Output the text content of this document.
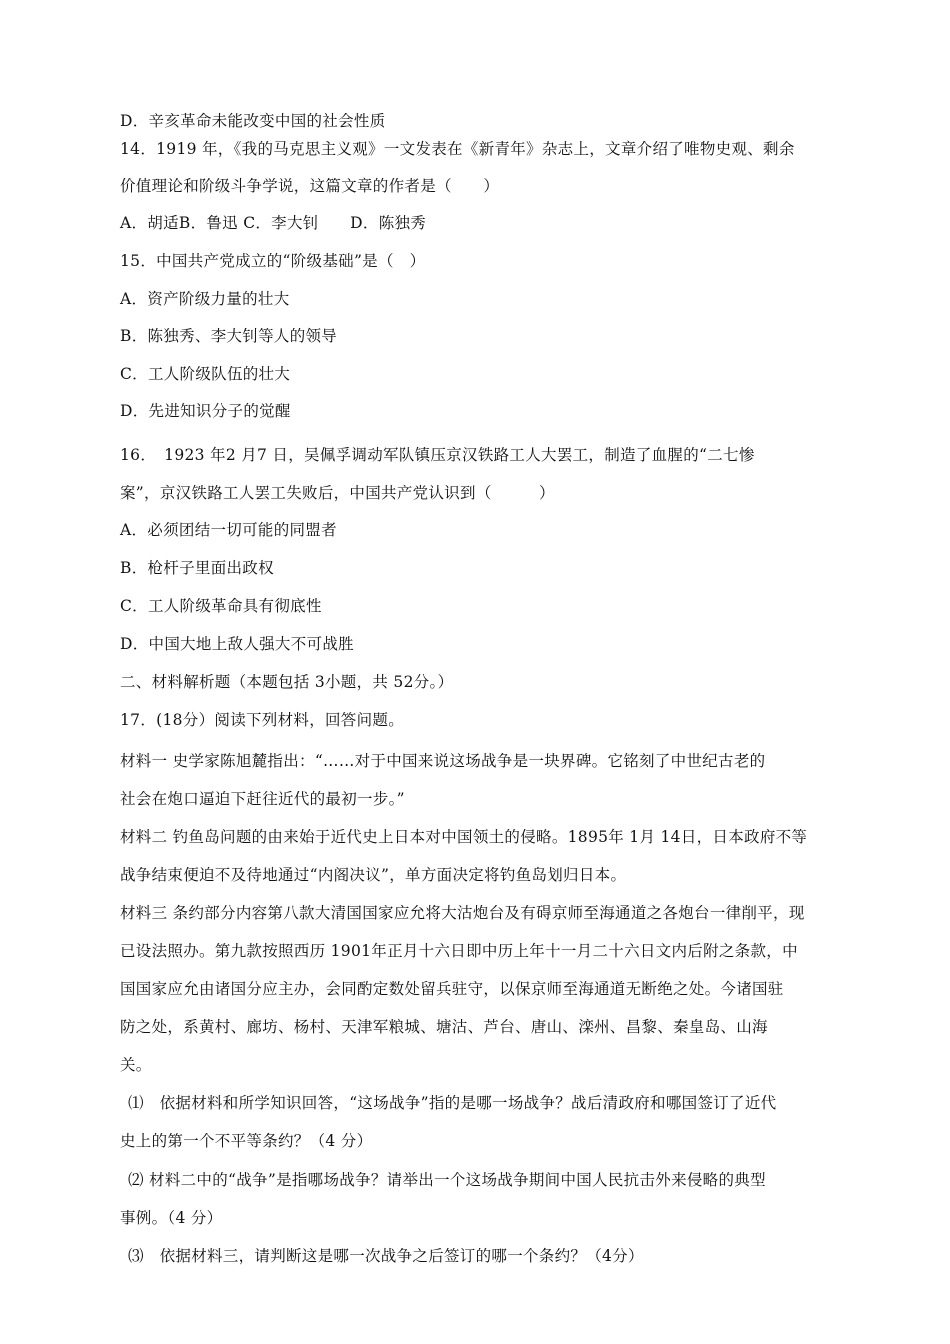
D．辛亥革命未能改变中国的社会性质
14．1919 年，《我的马克思主义观》一文发表在《新青年》杂志上，文章介绍了唯物史观、剩余
价值理论和阶级斗争学说，这篇文章的作者是（　　）
A．胡适B．鲁迅 C．李大钊　　D．陈独秀
15．中国共产党成立的“阶级基础”是（　）
A．资产阶级力量的壮大
B．陈独秀、李大钊等人的领导
C．工人阶级队伍的壮大
D．先进知识分子的觉醒
16．　1923 年2 月7 日，吴佩孚调动军队镇压京汉铁路工人大罢工，制造了血腥的“二七惨
案”，京汉铁路工人罢工失败后，中国共产党认识到（　　　）
A．必须团结一切可能的同盟者
B．枪杆子里面出政权
C．工人阶级革命具有彻底性
D．中国大地上敌人强大不可战胜
二、材料解析题（本题包括 3小题，共 52分。）
17．(18分）阅读下列材料，回答问题。
材料一 史学家陈旭麓指出：“……对于中国来说这场战争是一块界碑。它铭刻了中世纪古老的
社会在炮口逼迫下赶往近代的最初一步。”
材料二 钓鱼岛问题的由来始于近代史上日本对中国领土的侵略。1895年 1月 14日，日本政府不等
战争结束便迫不及待地通过“内阁决议”，单方面决定将钓鱼岛划归日本。
材料三 条约部分内容第八款大清国国家应允将大沽炮台及有碍京师至海通道之各炮台一律削平，现
已设法照办。第九款按照西历 1901年正月十六日即中历上年十一月二十六日文内后附之条款，中
国国家应允由诸国分应主办，会同酌定数处留兵驻守，以保京师至海通道无断绝之处。今诸国驻
防之处，系黄村、廊坊、杨村、天津军粮城、塘沽、芦台、唐山、滦州、昌黎、秦皇岛、山海
关。
⑴　依据材料和所学知识回答，“这场战争”指的是哪一场战争？战后清政府和哪国签订了近代
史上的第一个不平等条约？（4 分）
⑵ 材料二中的“战争”是指哪场战争？请举出一个这场战争期间中国人民抗击外来侵略的典型
事例。（4 分）
⑶　依据材料三，请判断这是哪一次战争之后签订的哪一个条约？（4分）
